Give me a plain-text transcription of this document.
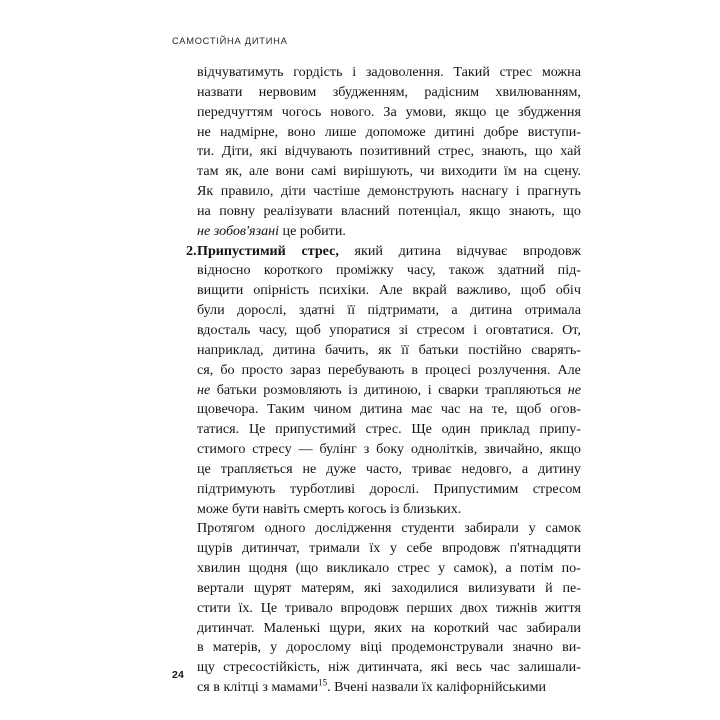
САМОСТІЙНА ДИТИНА
відчуватимуть гордість і задоволення. Такий стрес можна
назвати нервовим збудженням, радісним хвилюванням,
передчуттям чогось нового. За умови, якщо це збудження
не надмірне, воно лише допоможе дитині добре виступи-
ти. Діти, які відчувають позитивний стрес, знають, що хай
там як, але вони самі вирішують, чи виходити їм на сцену.
Як правило, діти частіше демонструють наснагу і прагнуть
на повну реалізувати власний потенціал, якщо знають, що
не зобов'язані це робити.
2. Припустимий стрес, який дитина відчуває впродовж
відносно короткого проміжку часу, також здатний під-
вищити опірність психіки. Але вкрай важливо, щоб обіч
були дорослі, здатні її підтримати, а дитина отримала
вдосталь часу, щоб упоратися зі стресом і оговтатися. От,
наприклад, дитина бачить, як її батьки постійно сварять-
ся, бо просто зараз перебувають в процесі розлучення. Але
не батьки розмовляють із дитиною, і сварки трапляються не
щовечора. Таким чином дитина має час на те, щоб огов-
татися. Це припустимий стрес. Ще один приклад припу-
стимого стресу — булінг з боку однолітків, звичайно, якщо
це трапляється не дуже часто, триває недовго, а дитину
підтримують турботливі дорослі. Припустимим стресом
може бути навіть смерть когось із близьких.
Протягом одного дослідження студенти забирали у самок
щурів дитинчат, тримали їх у себе впродовж п'ятнадцяти
хвилин щодня (що викликало стрес у самок), а потім по-
вертали щурят матерям, які заходилися вилизувати й пе-
стити їх. Це тривало впродовж перших двох тижнів життя
дитинчат. Маленькі щури, яких на короткий час забирали
в матерів, у дорослому віці продемонстрували значно ви-
щу стресостійкість, ніж дитинчата, які весь час залишали-
ся в клітці з мамами$^{15}$. Вчені назвали їх каліфорнійськими
24
